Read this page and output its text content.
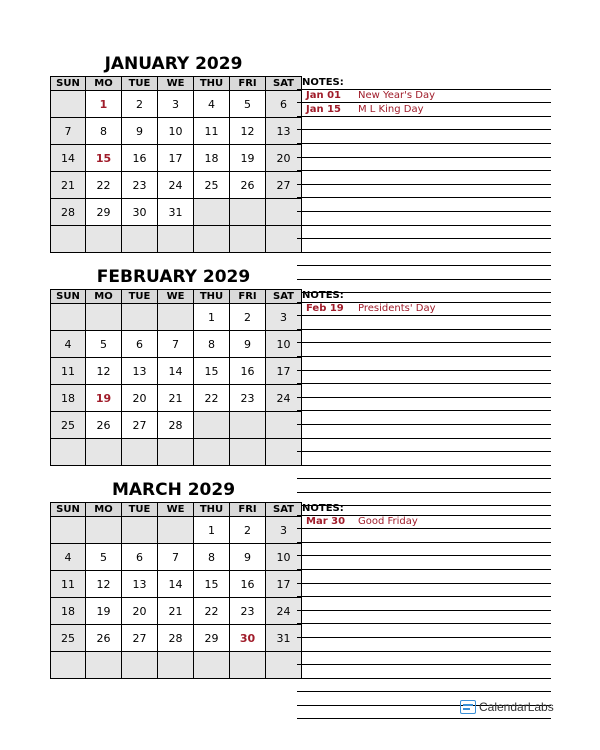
JANUARY 2029
SUN	MO	TUE	WE	THU	FRI	SAT
	1	2	3	4	5	6
7	8	9	10	11	12	13
14	15	16	17	18	19	20
21	22	23	24	25	26	27
28	29	30	31			

NOTES:
Jan 01 New Year's Day
Jan 15 M L King Day
FEBRUARY 2029
SUN	MO	TUE	WE	THU	FRI	SAT
				1	2	3
4	5	6	7	8	9	10
11	12	13	14	15	16	17
18	19	20	21	22	23	24
25	26	27	28			

NOTES:
Feb 19 Presidents' Day
MARCH 2029
SUN	MO	TUE	WE	THU	FRI	SAT
				1	2	3
4	5	6	7	8	9	10
11	12	13	14	15	16	17
18	19	20	21	22	23	24
25	26	27	28	29	30	31

NOTES:
Mar 30 Good Friday
CalendarLabs
